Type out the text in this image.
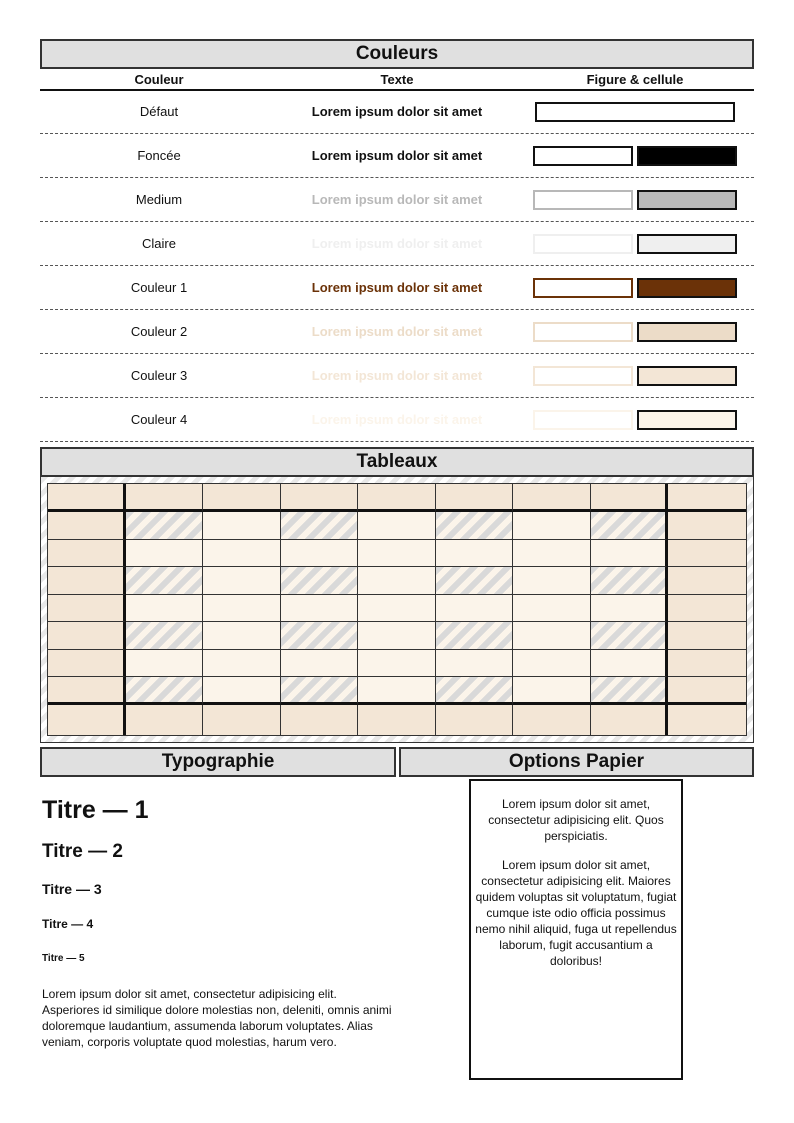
Couleurs
Couleur	Texte	Figure & cellule
Défaut	Lorem ipsum dolor sit amet
Foncée	Lorem ipsum dolor sit amet
Medium	Lorem ipsum dolor sit amet
Claire	Lorem ipsum dolor sit amet
Couleur 1	Lorem ipsum dolor sit amet
Couleur 2	Lorem ipsum dolor sit amet
Couleur 3	Lorem ipsum dolor sit amet
Couleur 4	Lorem ipsum dolor sit amet
Tableaux
Typographie	Options Papier
Titre — 1
Titre — 2
Titre — 3
Titre — 4
Titre — 5

Lorem ipsum dolor sit amet, consectetur adipisicing elit. Asperiores id similique dolore molestias non, deleniti, omnis animi doloremque laudantium, assumenda laborum voluptates. Alias veniam, corporis voluptate quod molestias, harum vero.

Lorem ipsum dolor sit amet, consectetur adipisicing elit. Quos perspiciatis.

Lorem ipsum dolor sit amet, consectetur adipisicing elit. Maiores quidem voluptas sit voluptatum, fugiat cumque iste odio officia possimus nemo nihil aliquid, fuga ut repellendus laborum, fugit accusantium a doloribus!
